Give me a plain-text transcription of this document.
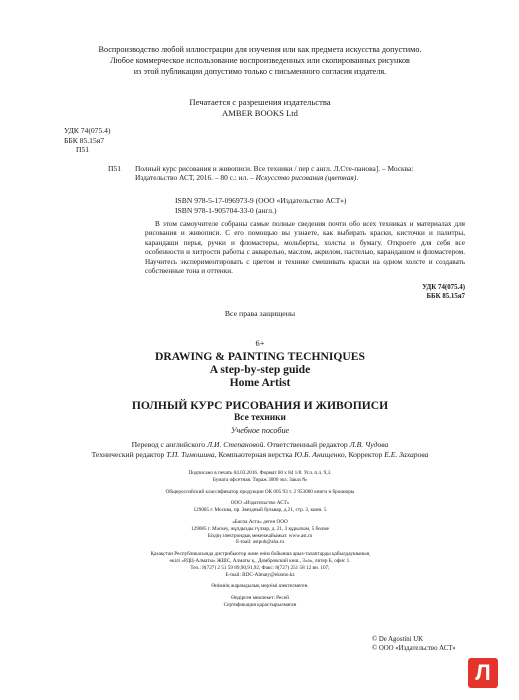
Воспроизводство любой иллюстрации для изучения или как предмета искусства допустимо.
Любое коммерческое использование воспроизведенных или скопированных рисунков
из этой публикации допустимо только с письменного согласия издателя.
Печатается с разрешения издательства
AMBER BOOKS Ltd
УДК 74(075.4)
ББК 85.15я7
П51
П51 Полный курс рисования и живописи. Все техники / пер с англ. Л.Сте-панова]. – Москва: Издательство АСТ, 2016. – 80 с.: ил. – Искусство рисования (цветная).
ISBN 978-5-17-096973-9 (ООО «Издательство АСТ»)
ISBN 978-1-905704-33-0 (англ.)
В этом самоучителе собраны самые полные сведения почти обо всех техниках и материалах для рисования и живописи. С его помощью вы узнаете, как выбирать краски, кисточки и палитры, карандаши перья, ручки и фломастеры, мольберты, холсты и бумагу. Откроете для себя все особенности и хитрости работы с акварелью, маслом, акрилом, пастелью, карандашом и фломастером. Научитесь экспериментировать с цветом и технике смешивать краски на одном холсте и создавать собственные тона и оттенки.
УДК 74(075.4)
ББК 85.15я7
Все права защищены
6+
DRAWING & PAINTING TECHNIQUES
A step-by-step guide
Home Artist
ПОЛНЫЙ КУРС РИСОВАНИЯ И ЖИВОПИСИ
Все техники
Учебное пособие
Перевод с английского Л.И. Степановой. Ответственный редактор Л.В. Чудова
Технический редактор Т.П. Тимошина, Компьютерная верстка Ю.Б. Анищенко, Корректор Е.Е. Захарова
Подписано в печать 04.03.2016. Формат 60 х 84 1/8. Усл. п.л. 9,3.
Бумага офсетная. Тираж 3000 экз. Заказ №
Общероссийский классификатор продукции ОК 005 93 т. 2 953000 книги и брошюры
ООО «Издательство АСТ»
129085 г. Москва, пр. Звездный бульвар, д.21, стр. 3, комн. 5
«Баспа Аста» деген ООО
129085 г. Мәскеу, жұлдызды гүлзар, д. 21, 3 құрылым, 5 бөлме
Біздің электрондық мекенжайымыз: www.ast.ru
E-mail: astpub@aha.ru
Қазақстан Республикасында дистрибьютор және өнім бойынша арыз-талаптарды қабылдаушының
өкілі «РДЦ-Алматы» ЖШС, Алматы қ., Домбровский көш., 3«а», литер Б, офис 1.
Тел.: 8(727) 2 51 59 89,90,91,92, Факс: 8(727) 251 58 12 вн. 107;
E-mail: RDC-Almaty@eksmo.kz
Өнімнің жарамдылық мерзімі шектелмеген.
Өндірген мемлекет: Ресей
Сертификация қарастырылмаған
© De Agostini UK
© ООО «Издательство АСТ»
Л
